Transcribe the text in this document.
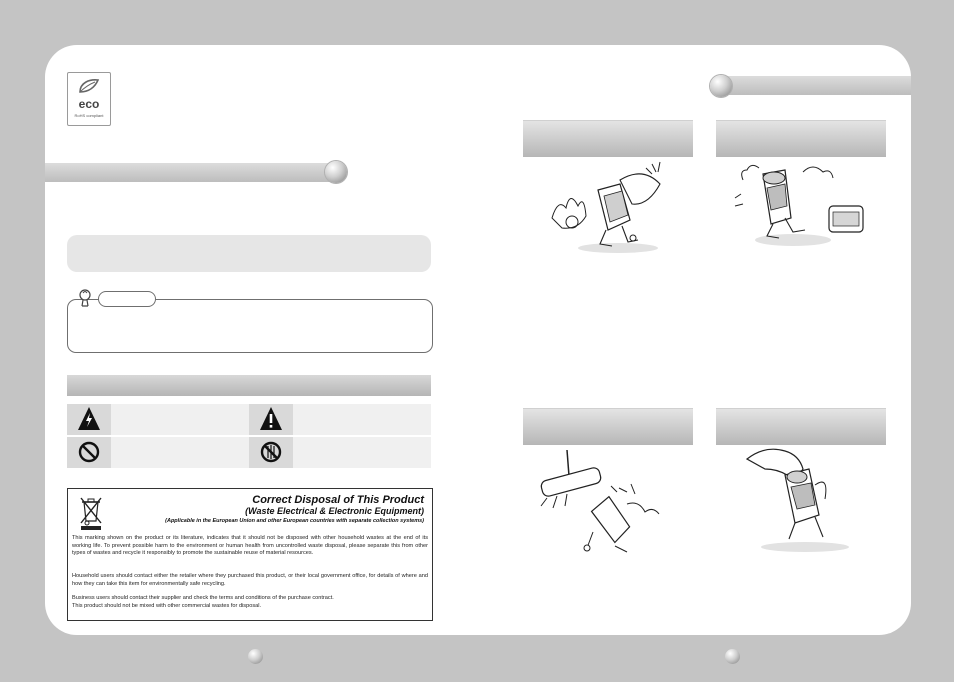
eco
RoHS compliant
Correct Disposal of This Product
(Waste Electrical & Electronic Equipment)
(Applicable in the European Union and other European countries with separate collection systems)
This marking shown on the product or its literature, indicates that it should not be disposed with other household wastes at the end of its working life. To prevent possible harm to the environment or human health from uncontrolled waste disposal, please separate this from other types of wastes and recycle it responsibly to promote the sustainable reuse of material resources.
Household users should contact either the retailer where they purchased this product, or their local government office, for details of where and how they can take this item for environmentally safe recycling.
Business users should contact their supplier and check the terms and conditions of the purchase contract.
This product should not be mixed with other commercial wastes for disposal.
